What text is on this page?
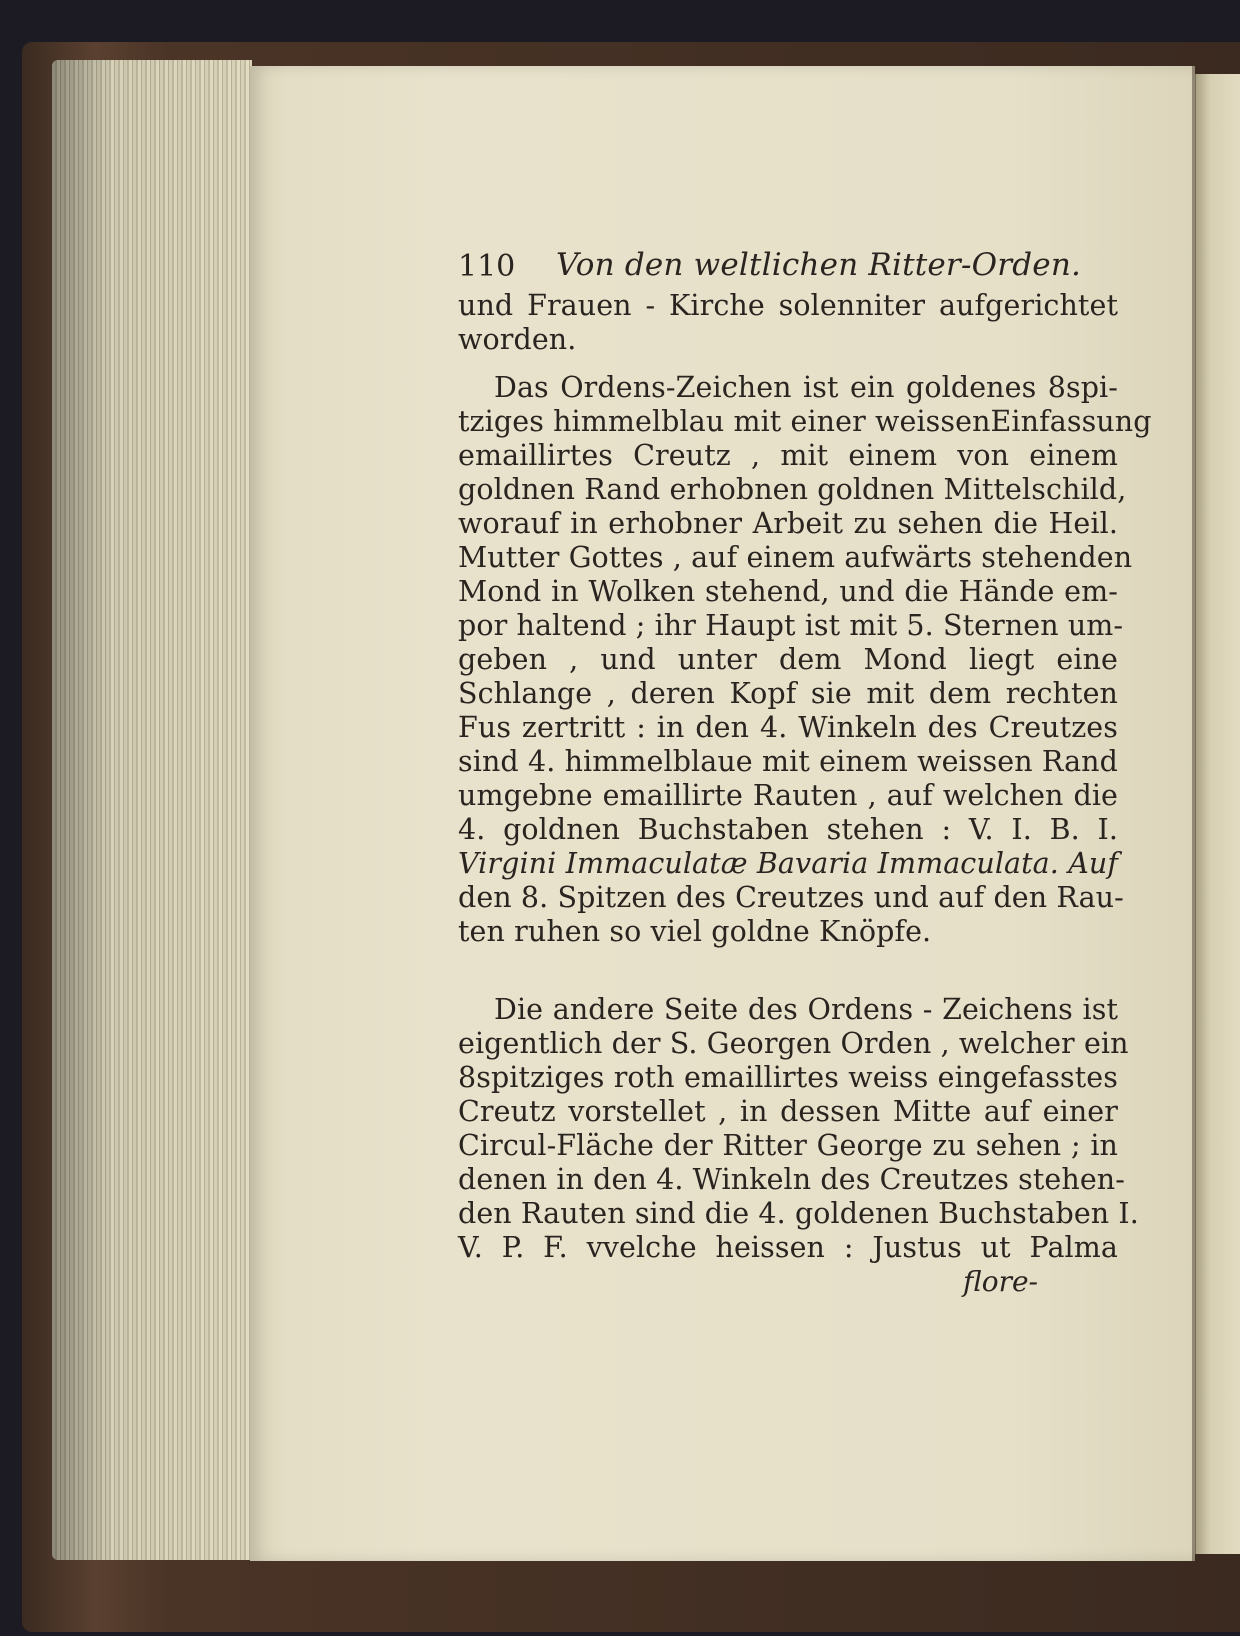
110 Von den weltlichen Ritter-Orden.
und Frauen - Kirche solenniter aufgerichtet
worden.
Das Ordens-Zeichen ist ein goldenes 8spi-
tziges himmelblau mit einer weissenEinfassung
emaillirtes Creutz , mit einem von einem
goldnen Rand erhobnen goldnen Mittelschild,
worauf in erhobner Arbeit zu sehen die Heil.
Mutter Gottes , auf einem aufwärts stehenden
Mond in Wolken stehend, und die Hände em-
por haltend ; ihr Haupt ist mit 5. Sternen um-
geben , und unter dem Mond liegt eine
Schlange , deren Kopf sie mit dem rechten
Fus zertritt : in den 4. Winkeln des Creutzes
sind 4. himmelblaue mit einem weissen Rand
umgebne emaillirte Rauten , auf welchen die
4. goldnen Buchstaben stehen : V. I. B. I.
Virgini Immaculatæ Bavaria Immaculata. Auf
den 8. Spitzen des Creutzes und auf den Rau-
ten ruhen so viel goldne Knöpfe.
Die andere Seite des Ordens - Zeichens ist
eigentlich der S. Georgen Orden , welcher ein
8spitziges roth emaillirtes weiss eingefasstes
Creutz vorstellet , in dessen Mitte auf einer
Circul-Fläche der Ritter George zu sehen ; in
denen in den 4. Winkeln des Creutzes stehen-
den Rauten sind die 4. goldenen Buchstaben I.
V. P. F. vvelche heissen : Justus ut Palma
flore-
